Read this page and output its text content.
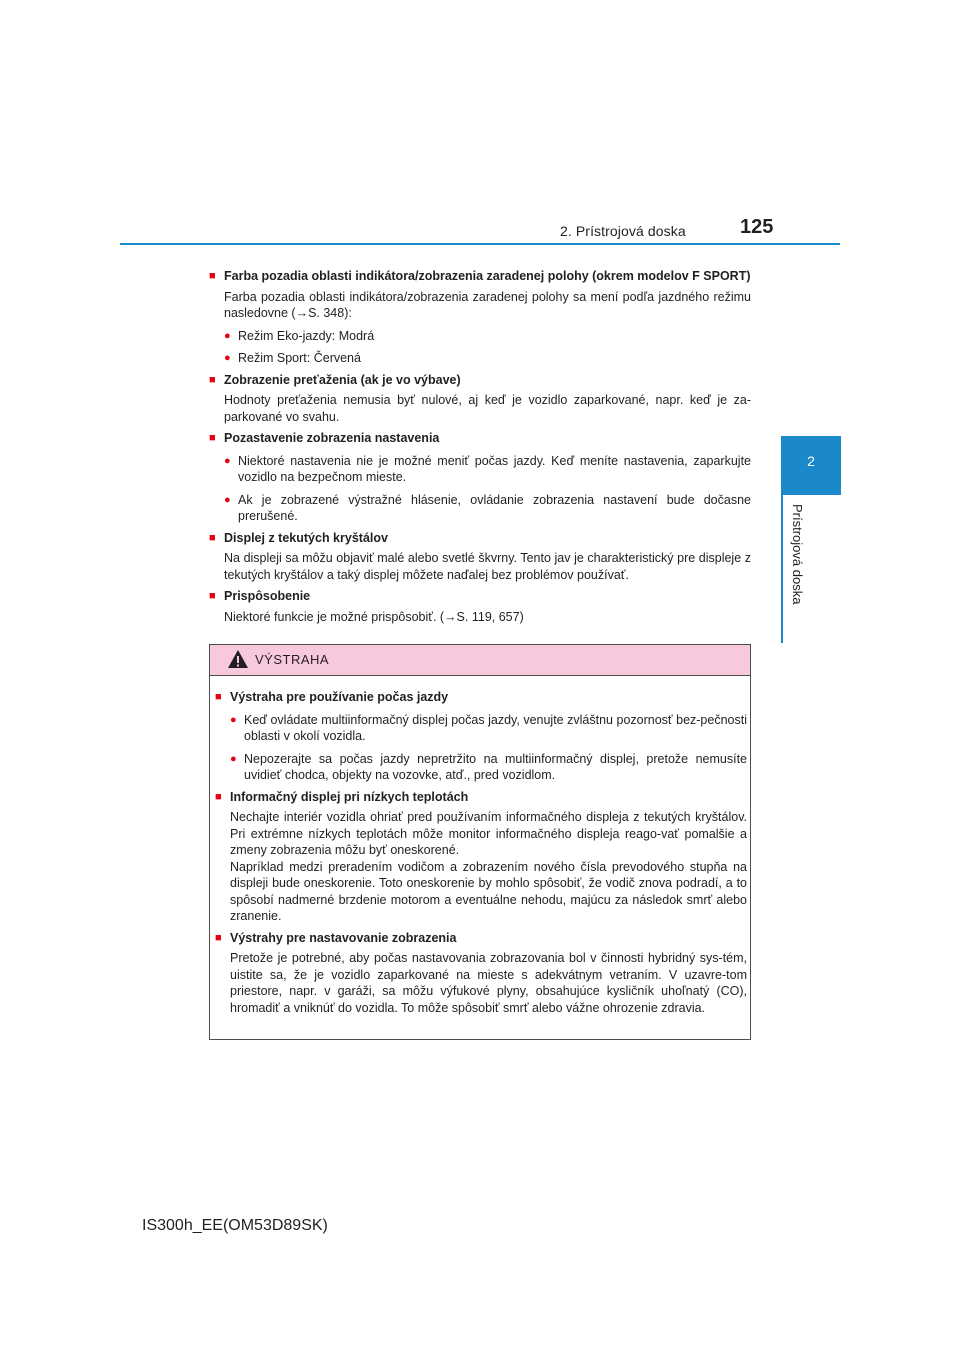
2. Prístrojová doska	125
2
Prístrojová doska
■ Farba pozadia oblasti indikátora/zobrazenia zaradenej polohy (okrem modelov F SPORT)
Farba pozadia oblasti indikátora/zobrazenia zaradenej polohy sa mení podľa jazdného režimu nasledovne (→S. 348):
● Režim Eko-jazdy: Modrá
● Režim Sport: Červená
■ Zobrazenie preťaženia (ak je vo výbave)
Hodnoty preťaženia nemusia byť nulové, aj keď je vozidlo zaparkované, napr. keď je za-parkované vo svahu.
■ Pozastavenie zobrazenia nastavenia
● Niektoré nastavenia nie je možné meniť počas jazdy. Keď meníte nastavenia, zaparkujte vozidlo na bezpečnom mieste.
● Ak je zobrazené výstražné hlásenie, ovládanie zobrazenia nastavení bude dočasne prerušené.
■ Displej z tekutých kryštálov
Na displeji sa môžu objaviť malé alebo svetlé škvrny. Tento jav je charakteristický pre displeje z tekutých kryštálov a taký displej môžete naďalej bez problémov používať.
■ Prispôsobenie
Niektoré funkcie je možné prispôsobiť. (→S. 119, 657)
VÝSTRAHA
■ Výstraha pre používanie počas jazdy
● Keď ovládate multiinformačný displej počas jazdy, venujte zvláštnu pozornosť bez-pečnosti oblasti v okolí vozidla.
● Nepozerajte sa počas jazdy nepretržito na multiinformačný displej, pretože nemusíte uvidieť chodca, objekty na vozovke, atď., pred vozidlom.
■ Informačný displej pri nízkych teplotách
Nechajte interiér vozidla ohriať pred používaním informačného displeja z tekutých kryštálov. Pri extrémne nízkych teplotách môže monitor informačného displeja reago-vať pomalšie a zmeny zobrazenia môžu byť oneskorené.
Napríklad medzi preradením vodičom a zobrazením nového čísla prevodového stupňa na displeji bude oneskorenie. Toto oneskorenie by mohlo spôsobiť, že vodič znova podradí, a to spôsobí nadmerné brzdenie motorom a eventuálne nehodu, majúcu za následok smrť alebo zranenie.
■ Výstrahy pre nastavovanie zobrazenia
Pretože je potrebné, aby počas nastavovania zobrazovania bol v činnosti hybridný sys-tém, uistite sa, že je vozidlo zaparkované na mieste s adekvátnym vetraním. V uzavre-tom priestore, napr. v garáži, sa môžu výfukové plyny, obsahujúce kysličník uhoľnatý (CO), hromadiť a vniknúť do vozidla. To môže spôsobiť smrť alebo vážne ohrozenie zdravia.
IS300h_EE(OM53D89SK)
